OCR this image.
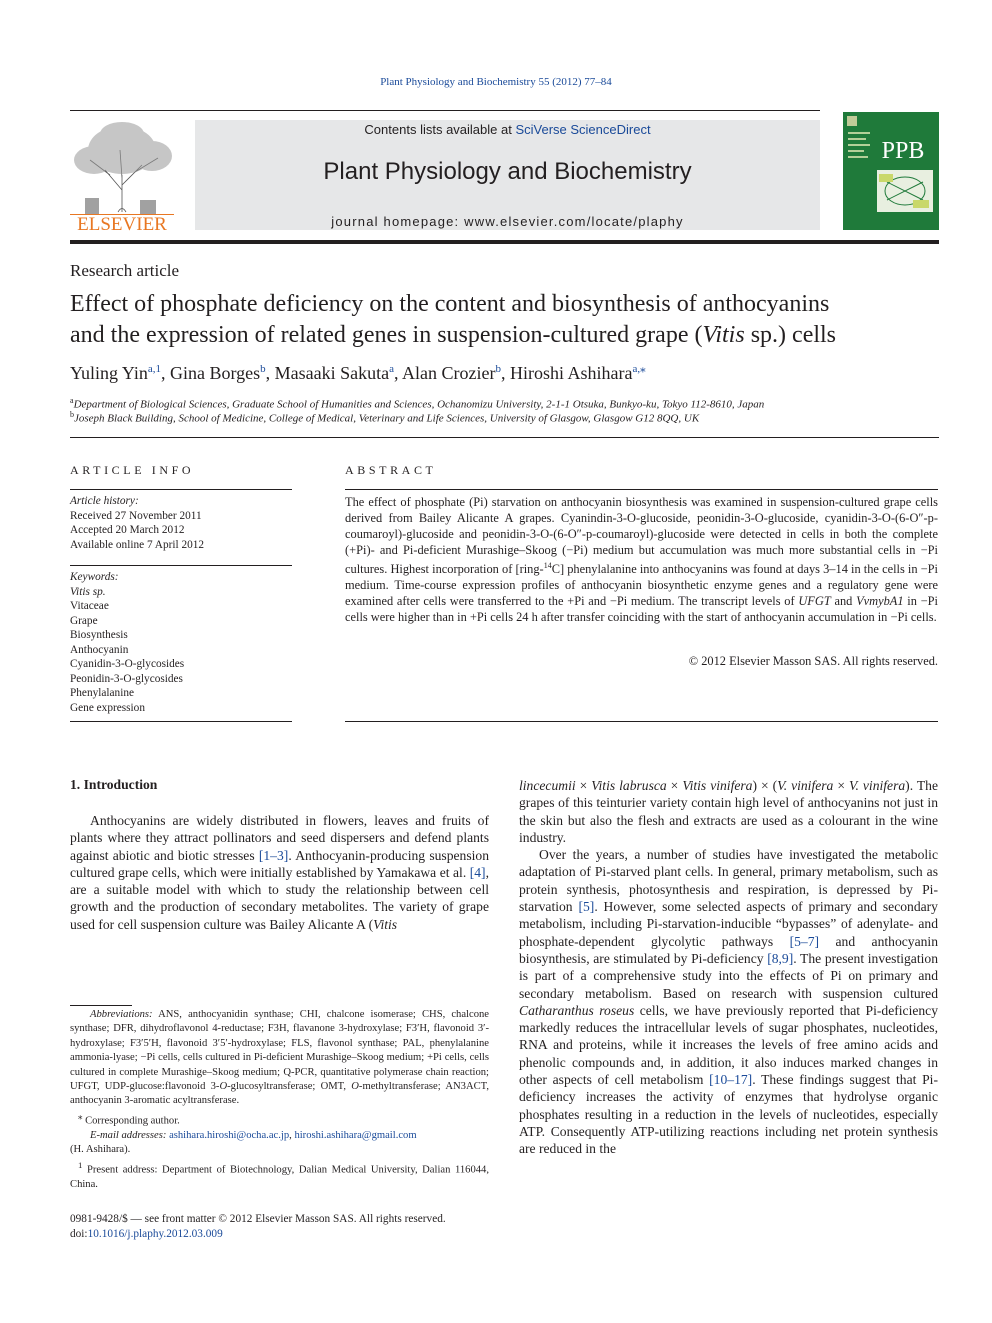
Plant Physiology and Biochemistry 55 (2012) 77–84
ELSEVIER
Contents lists available at SciVerse ScienceDirect
Plant Physiology and Biochemistry
journal homepage: www.elsevier.com/locate/plaphy
PPB
Research article
Effect of phosphate deficiency on the content and biosynthesis of anthocyanins
and the expression of related genes in suspension-cultured grape (Vitis sp.) cells
Yuling Yin$^{a,1}$, Gina Borges$^b$, Masaaki Sakuta$^a$, Alan Crozier$^b$, Hiroshi Ashihara$^{a,⁎}$
$^a$Department of Biological Sciences, Graduate School of Humanities and Sciences, Ochanomizu University, 2-1-1 Otsuka, Bunkyo-ku, Tokyo 112-8610, Japan
$^b$Joseph Black Building, School of Medicine, College of Medical, Veterinary and Life Sciences, University of Glasgow, Glasgow G12 8QQ, UK
ARTICLE INFO
Article history:
Received 27 November 2011
Accepted 20 March 2012
Available online 7 April 2012
Keywords:
Vitis sp.
Vitaceae
Grape
Biosynthesis
Anthocyanin
Cyanidin-3-O-glycosides
Peonidin-3-O-glycosides
Phenylalanine
Gene expression
ABSTRACT
The effect of phosphate (Pi) starvation on anthocyanin biosynthesis was examined in suspension-cultured grape cells derived from Bailey Alicante A grapes. Cyanindin-3-O-glucoside, peonidin-3-O-glucoside, cyanidin-3-O-(6-O″-p-coumaroyl)-glucoside and peonidin-3-O-(6-O″-p-coumaroyl)-glucoside were detected in cells in both the complete (+Pi)- and Pi-deficient Murashige–Skoog (−Pi) medium but accumulation was much more substantial cells in −Pi cultures. Highest incorporation of [ring-$^{14}$C] phenylalanine into anthocyanins was found at days 3–14 in the cells in −Pi medium. Time-course expression profiles of anthocyanin biosynthetic enzyme genes and a regulatory gene were examined after cells were transferred to the +Pi and −Pi medium. The transcript levels of UFGT and VvmybA1 in −Pi cells were higher than in +Pi cells 24 h after transfer coinciding with the start of anthocyanin accumulation in −Pi cells.
© 2012 Elsevier Masson SAS. All rights reserved.
1. Introduction

Anthocyanins are widely distributed in flowers, leaves and fruits of plants where they attract pollinators and seed dispersers and defend plants against abiotic and biotic stresses [1–3]. Anthocyanin-producing suspension cultured grape cells, which were initially established by Yamakawa et al. [4], are a suitable model with which to study the relationship between cell growth and the production of secondary metabolites. The variety of grape used for cell suspension culture was Bailey Alicante A (Vitis

lincecumii × Vitis labrusca × Vitis vinifera) × (V. vinifera × V. vinifera). The grapes of this teinturier variety contain high level of anthocyanins not just in the skin but also the flesh and extracts are used as a colourant in the wine industry.

Over the years, a number of studies have investigated the metabolic adaptation of Pi-starved plant cells. In general, primary metabolism, such as protein synthesis, photosynthesis and respiration, is depressed by Pi-starvation [5]. However, some selected aspects of primary and secondary metabolism, including Pi-starvation-inducible “bypasses” of adenylate- and phosphate-dependent glycolytic pathways [5–7] and anthocyanin biosynthesis, are stimulated by Pi-deficiency [8,9]. The present investigation is part of a comprehensive study into the effects of Pi on primary and secondary metabolism. Based on research with suspension cultured Catharanthus roseus cells, we have previously reported that Pi-deficiency markedly reduces the intracellular levels of sugar phosphates, nucleotides, RNA and proteins, while it increases the levels of free amino acids and phenolic compounds and, in addition, it also induces marked changes in other aspects of cell metabolism [10–17]. These findings suggest that Pi-deficiency increases the activity of enzymes that hydrolyse organic phosphates resulting in a reduction in the levels of nucleotides, especially ATP. Consequently ATP-utilizing reactions including net protein synthesis are reduced in the

Abbreviations: ANS, anthocyanidin synthase; CHI, chalcone isomerase; CHS, chalcone synthase; DFR, dihydroflavonol 4-reductase; F3H, flavanone 3-hydroxylase; F3′H, flavonoid 3′-hydroxylase; F3′5′H, flavonoid 3′5′-hydroxylase; FLS, flavonol synthase; PAL, phenylalanine ammonia-lyase; −Pi cells, cells cultured in Pi-deficient Murashige–Skoog medium; +Pi cells, cells cultured in complete Murashige–Skoog medium; Q-PCR, quantitative polymerase chain reaction; UFGT, UDP-glucose:flavonoid 3-O-glucosyltransferase; OMT, O-methyltransferase; AN3ACT, anthocyanin 3-aromatic acyltransferase.

⁎ Corresponding author.

E-mail addresses: ashihara.hiroshi@ocha.ac.jp, hiroshi.ashihara@gmail.com

(H. Ashihara).

$^1$ Present address: Department of Biotechnology, Dalian Medical University, Dalian 116044, China.

0981-9428/$ — see front matter © 2012 Elsevier Masson SAS. All rights reserved.
doi:10.1016/j.plaphy.2012.03.009
